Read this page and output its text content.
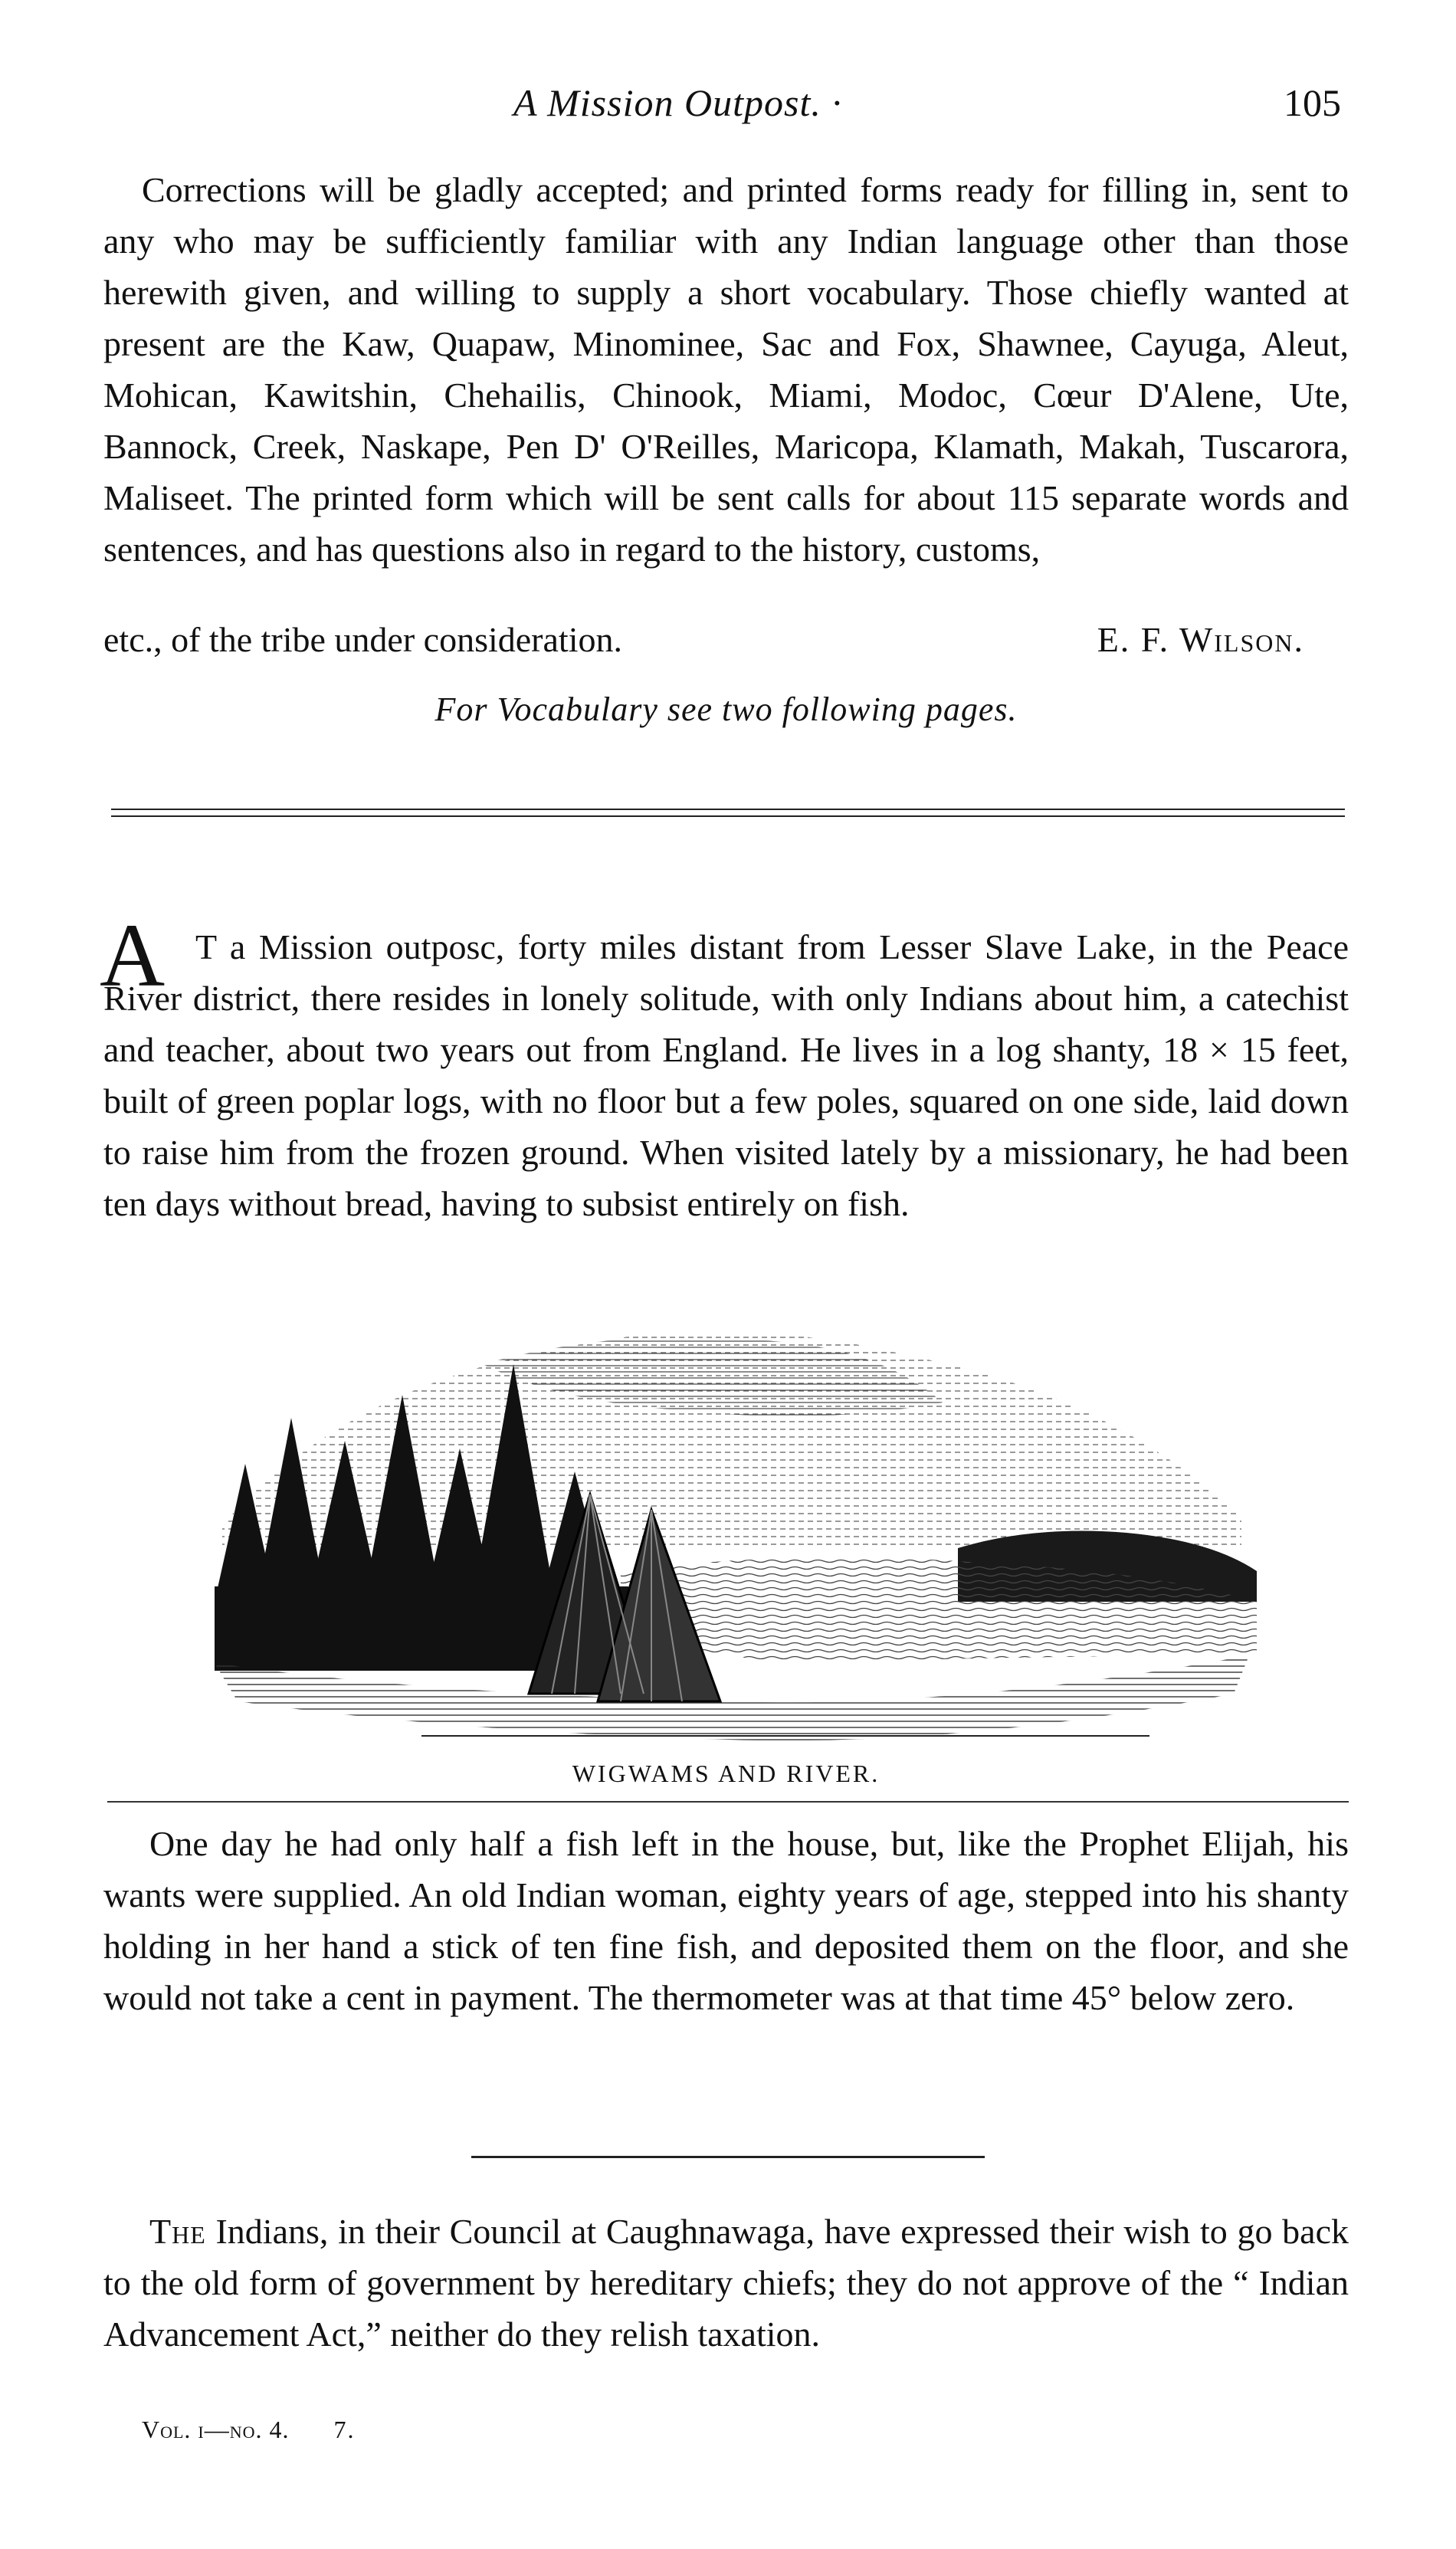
A Mission Outpost. ·	105

Corrections will be gladly accepted; and printed forms ready for filling in, sent to any who may be sufficiently familiar with any Indian language other than those herewith given, and willing to supply a short vocabulary. Those chiefly wanted at present are the Kaw, Quapaw, Minominee, Sac and Fox, Shawnee, Cayuga, Aleut, Mohican, Kawitshin, Chehailis, Chinook, Miami, Modoc, Cœur D'Alene, Ute, Bannock, Creek, Naskape, Pen D' O'Reilles, Maricopa, Klamath, Makah, Tuscarora, Maliseet. The printed form which will be sent calls for about 115 separate words and sentences, and has questions also in regard to the history, customs,

etc., of the tribe under consideration.	E. F. Wilson.
For Vocabulary see two following pages.
A T a Mission outposc, forty miles distant from Lesser Slave Lake, in the Peace River district, there resides in lonely solitude, with only Indians about him, a catechist and teacher, about two years out from England. He lives in a log shanty, 18 × 15 feet, built of green poplar logs, with no floor but a few poles, squared on one side, laid down to raise him from the frozen ground. When visited lately by a missionary, he had been ten days without bread, having to subsist entirely on fish.

WIGWAMS AND RIVER.

One day he had only half a fish left in the house, but, like the Prophet Elijah, his wants were supplied. An old Indian woman, eighty years of age, stepped into his shanty holding in her hand a stick of ten fine fish, and deposited them on the floor, and she would not take a cent in payment. The thermometer was at that time 45° below zero.

The Indians, in their Council at Caughnawaga, have expressed their wish to go back to the old form of government by hereditary chiefs; they do not approve of the “ Indian Advancement Act,” neither do they relish taxation.

Vol. i—no. 4. 7.
